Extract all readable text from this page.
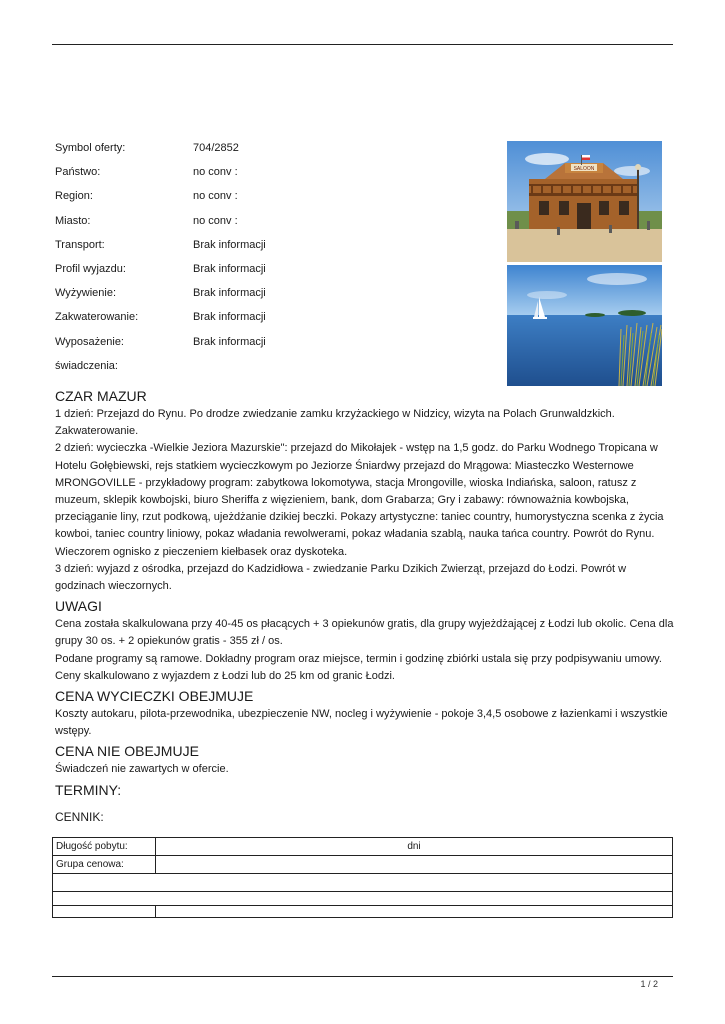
Symbol oferty:	704/2852
Państwo:	no conv :
Region:	no conv :
Miasto:	no conv :
Transport:	Brak informacji
Profil wyjazdu:	Brak informacji
Wyżywienie:	Brak informacji
Zakwaterowanie:	Brak informacji
Wyposażenie:	Brak informacji
świadczenia:
SALOON
CZAR MAZUR

1 dzień: Przejazd do Rynu. Po drodze zwiedzanie zamku krzyżackiego w Nidzicy, wizyta na Polach Grunwaldzkich. Zakwaterowanie.

2 dzień: wycieczka -Wielkie Jeziora Mazurskie": przejazd do Mikołajek - wstęp na 1,5 godz. do Parku Wodnego Tropicana w Hotelu Gołębiewski, rejs statkiem wycieczkowym po Jeziorze Śniardwy przejazd do Mrągowa: Miasteczko Westernowe MRONGOVILLE - przykładowy program: zabytkowa lokomotywa, stacja Mrongoville, wioska Indiańska, saloon, ratusz z muzeum, sklepik kowbojski, biuro Sheriffa z więzieniem, bank, dom Grabarza; Gry i zabawy: równoważnia kowbojska, przeciąganie liny, rzut podkową, ujeżdżanie dzikiej beczki. Pokazy artystyczne: taniec country, humorystyczna scenka z życia kowboi, taniec country liniowy, pokaz władania rewolwerami, pokaz władania szablą, nauka tańca country. Powrót do Rynu. Wieczorem ognisko z pieczeniem kiełbasek oraz dyskoteka.

3 dzień: wyjazd z ośrodka, przejazd do Kadzidłowa - zwiedzanie Parku Dzikich Zwierząt, przejazd do Łodzi. Powrót w godzinach wieczornych.

UWAGI

Cena została skalkulowana przy 40-45 os płacących + 3 opiekunów gratis, dla grupy wyjeżdżającej z Łodzi lub okolic. Cena dla grupy 30 os. + 2 opiekunów gratis - 355 zł / os.

Podane programy są ramowe. Dokładny program oraz miejsce, termin i godzinę zbiórki ustala się przy podpisywaniu umowy.

Ceny skalkulowano z wyjazdem z Łodzi lub do 25 km od granic Łodzi.

CENA WYCIECZKI OBEJMUJE

Koszty autokaru, pilota-przewodnika, ubezpieczenie NW, nocleg i wyżywienie - pokoje 3,4,5 osobowe z łazienkami i wszystkie wstępy.

CENA NIE OBEJMUJE

Świadczeń nie zawartych w ofercie.

TERMINY:
CENNIK:
Długość pobytu:	dni
Grupa cenowa:	

1 / 2
